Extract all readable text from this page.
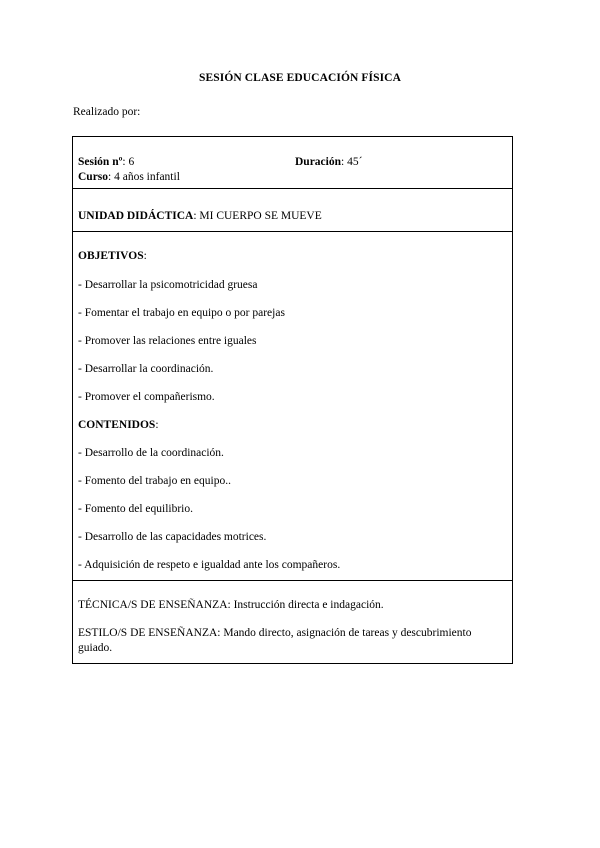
SESIÓN CLASE EDUCACIÓN FÍSICA
Realizado por:
Sesión nº: 6	Duración: 45´
Curso: 4 años infantil
UNIDAD DIDÁCTICA: MI CUERPO SE MUEVE
OBJETIVOS:
- Desarrollar la psicomotricidad gruesa
- Fomentar el trabajo en equipo o por parejas
- Promover las relaciones entre iguales
- Desarrollar la coordinación.
- Promover el compañerismo.
CONTENIDOS:
- Desarrollo de la coordinación.
- Fomento del trabajo en equipo..
- Fomento del equilibrio.
- Desarrollo de las capacidades motrices.
- Adquisición de respeto e igualdad ante los compañeros.
TÉCNICA/S DE ENSEÑANZA: Instrucción directa e indagación.
ESTILO/S DE ENSEÑANZA: Mando directo, asignación de tareas y descubrimiento
guiado.
